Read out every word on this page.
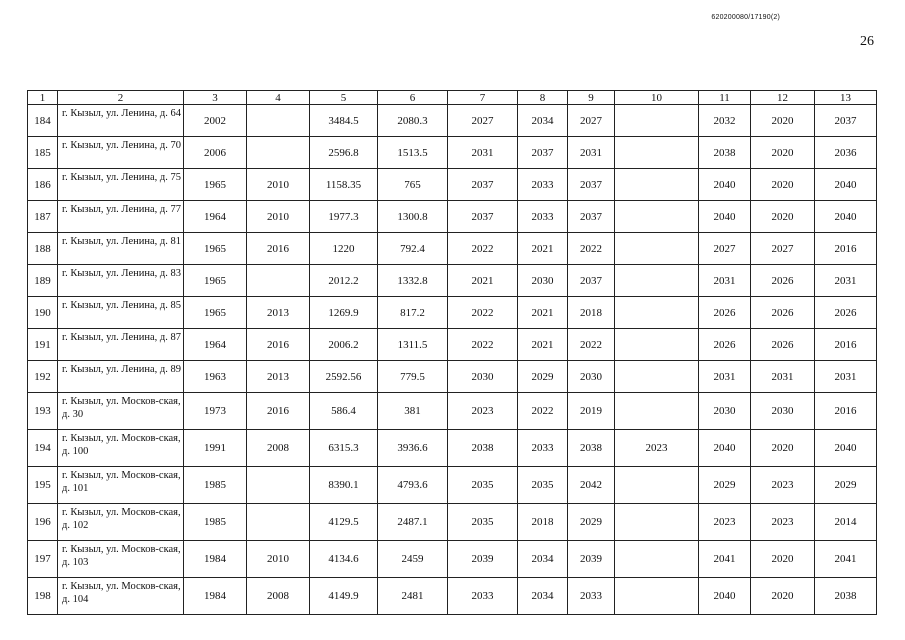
620200080/17190(2)
26
1	2	3	4	5	6	7	8	9	10	11	12	13
184	г. Кызыл, ул. Ленина, д. 64	2002		3484.5	2080.3	2027	2034	2027		2032	2020	2037
185	г. Кызыл, ул. Ленина, д. 70	2006		2596.8	1513.5	2031	2037	2031		2038	2020	2036
186	г. Кызыл, ул. Ленина, д. 75	1965	2010	1158.35	765	2037	2033	2037		2040	2020	2040
187	г. Кызыл, ул. Ленина, д. 77	1964	2010	1977.3	1300.8	2037	2033	2037		2040	2020	2040
188	г. Кызыл, ул. Ленина, д. 81	1965	2016	1220	792.4	2022	2021	2022		2027	2027	2016
189	г. Кызыл, ул. Ленина, д. 83	1965		2012.2	1332.8	2021	2030	2037		2031	2026	2031
190	г. Кызыл, ул. Ленина, д. 85	1965	2013	1269.9	817.2	2022	2021	2018		2026	2026	2026
191	г. Кызыл, ул. Ленина, д. 87	1964	2016	2006.2	1311.5	2022	2021	2022		2026	2026	2016
192	г. Кызыл, ул. Ленина, д. 89	1963	2013	2592.56	779.5	2030	2029	2030		2031	2031	2031
193	г. Кызыл, ул. Москов-ская, д. 30	1973	2016	586.4	381	2023	2022	2019		2030	2030	2016
194	г. Кызыл, ул. Москов-ская, д. 100	1991	2008	6315.3	3936.6	2038	2033	2038	2023	2040	2020	2040
195	г. Кызыл, ул. Москов-ская, д. 101	1985		8390.1	4793.6	2035	2035	2042		2029	2023	2029
196	г. Кызыл, ул. Москов-ская, д. 102	1985		4129.5	2487.1	2035	2018	2029		2023	2023	2014
197	г. Кызыл, ул. Москов-ская, д. 103	1984	2010	4134.6	2459	2039	2034	2039		2041	2020	2041
198	г. Кызыл, ул. Москов-ская, д. 104	1984	2008	4149.9	2481	2033	2034	2033		2040	2020	2038
